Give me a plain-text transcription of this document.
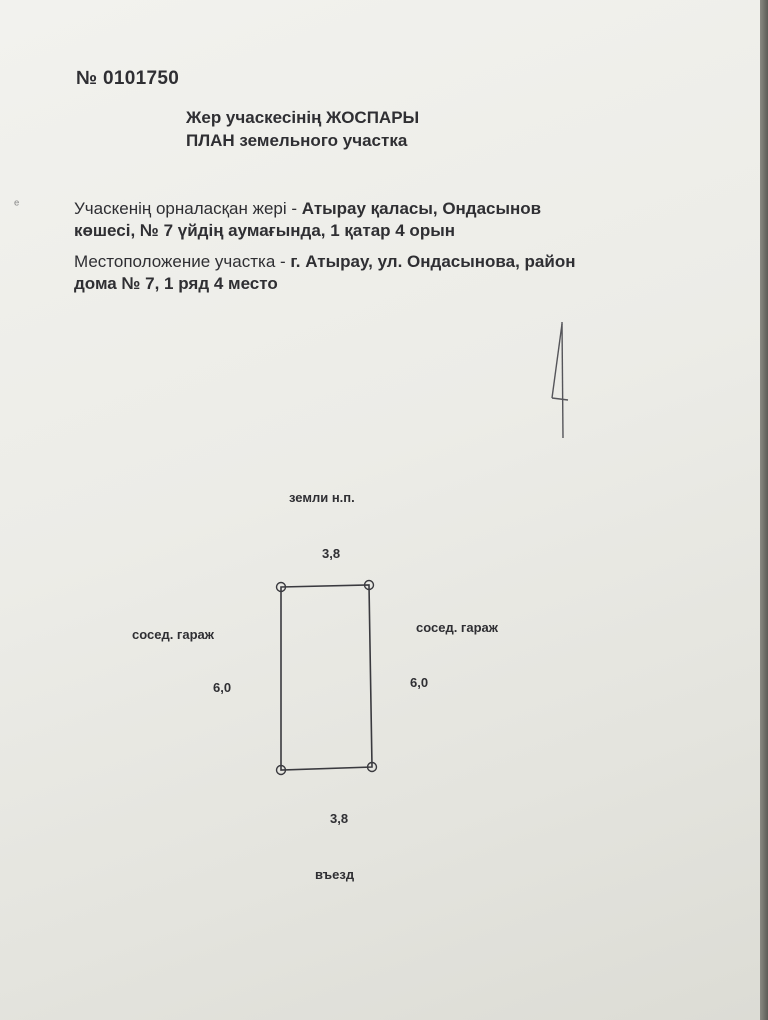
№ 0101750
Жер учаскесінің ЖОСПАРЫ
ПЛАН земельного участка
ᵉ	Учаскенің орналасқан жері - Атырау қаласы, Ондасынов
көшесі, № 7 үйдің аумағында, 1 қатар 4 орын
Местоположение участка - г. Атырау, ул. Ондасынова, район
дома № 7, 1 ряд 4 место
земли н.п.
3,8
сосед. гараж	сосед. гараж
6,0	6,0
3,8
въезд
